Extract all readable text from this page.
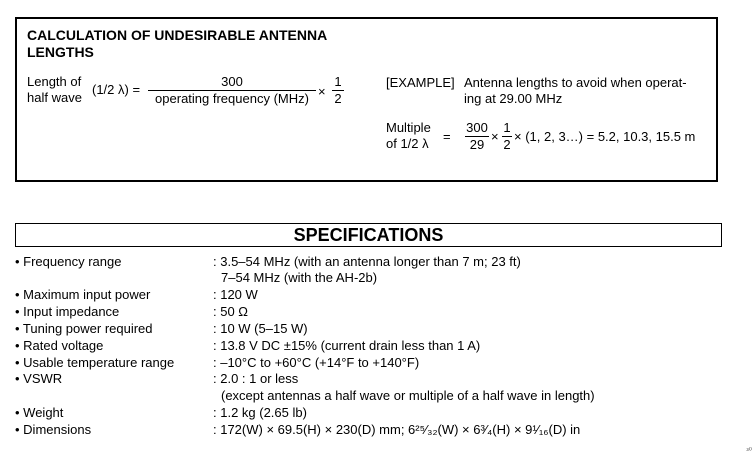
CALCULATION OF UNDESIRABLE ANTENNA
LENGTHS
Length of
half wave
(1/2 λ) =
300
operating frequency (MHz) ×
1
2
[EXAMPLE] Antenna lengths to avoid when operat-
ing at 29.00 MHz
Multiple
of 1/2 λ =
300
29
×
1
2
× (1, 2, 3…) = 5.2, 10.3, 15.5 m
SPECIFICATIONS
• Frequency range	: 3.5–54 MHz (with an antenna longer than 7 m; 23 ft)
7–54 MHz (with the AH-2b)
• Maximum input power	: 120 W
• Input impedance	: 50 Ω
• Tuning power required	: 10 W (5–15 W)
• Rated voltage	: 13.8 V DC ±15% (current drain less than 1 A)
• Usable temperature range	: –10°C to +60°C (+14°F to +140°F)
• VSWR	: 2.0 : 1 or less
(except antennas a half wave or multiple of a half wave in length)
• Weight	: 1.2 kg (2.65 lb)
• Dimensions	: 172(W) × 69.5(H) × 230(D) mm; 6²⁵⁄₃₂(W) × 6³⁄₄(H) × 9¹⁄₁₆(D) in
ᵌ⁰
